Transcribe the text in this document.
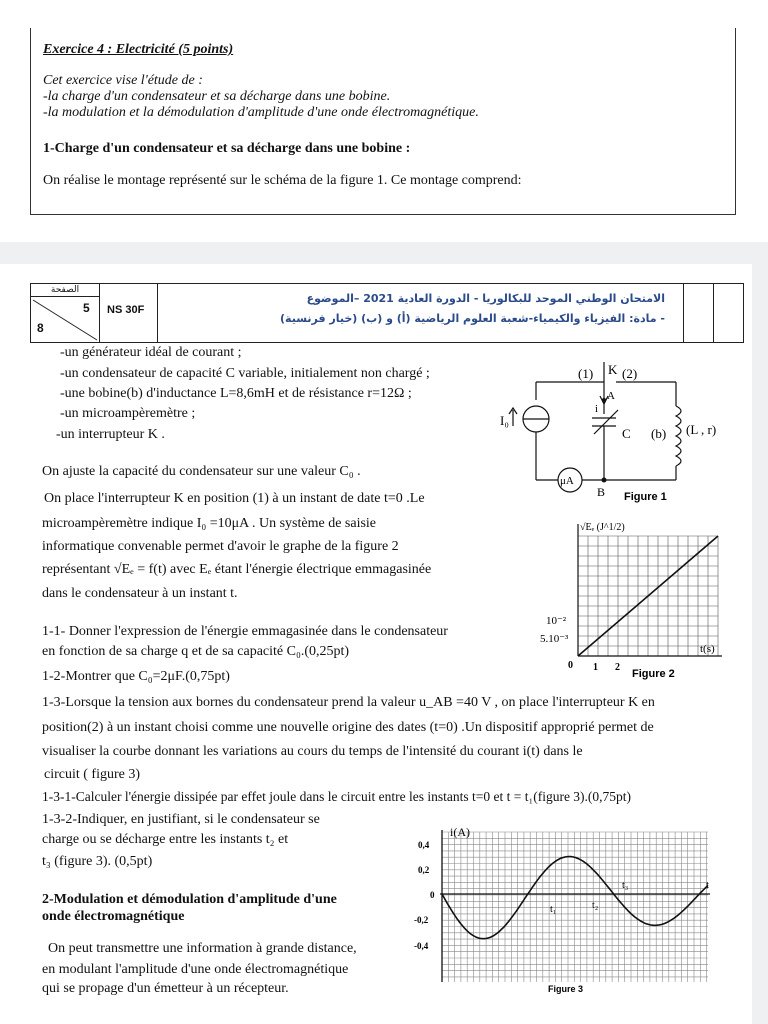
Exercice 4 : Electricité (5 points)
Cet exercice vise l'étude de :
-la charge d'un condensateur et sa décharge dans une bobine.
-la modulation et la démodulation d'amplitude d'une onde électromagnétique.
1-Charge d'un condensateur et sa décharge dans une bobine :
On réalise le montage représenté sur le schéma de la figure 1. Ce montage comprend:
الصفحة
5
8
NS 30F
الامتحان الوطني الموحد للبكالوريا - الدورة العادية 2021 –الموضوع
- مادة: الفيزياء والكيمياء-شعبة العلوم الرياضية (أ) و (ب) (خيار فرنسية)
-un générateur idéal de courant ;
-un condensateur de capacité C variable, initialement non chargé ;
-une bobine(b) d'inductance L=8,6mH et de résistance r=12Ω ;
-un microampèremètre ;
-un interrupteur K .
(1) K (2)
A
i
I₀
C (b) (L , r)
μA
B Figure 1
On ajuste la capacité du condensateur sur une valeur C₀ .
On place l'interrupteur K en position (1) à un instant de date t=0 .Le
microampèremètre indique I₀ =10μA . Un système de saisie
informatique convenable permet d'avoir le graphe de la figure 2
représentant √Eₑ = f(t) avec Eₑ étant l'énergie électrique emmagasinée
dans le condensateur à un instant t.
1-1- Donner l'expression de l'énergie emmagasinée dans le condensateur
en fonction de sa charge q et de sa capacité C₀.(0,25pt)
1-2-Montrer que C₀=2μF.(0,75pt)
√Eₑ (J^1/2)
t(s)
5.10⁻³
10⁻²
0 1 2
Figure 2
1-3-Lorsque la tension aux bornes du condensateur prend la valeur u_AB =40 V , on place l'interrupteur K en
position(2) à un instant choisi comme une nouvelle origine des dates (t=0) .Un dispositif approprié permet de
visualiser la courbe donnant les variations au cours du temps de l'intensité du courant i(t) dans le
circuit ( figure 3)
1-3-1-Calculer l'énergie dissipée par effet joule dans le circuit entre les instants t=0 et t = t₁(figure 3).(0,75pt)
1-3-2-Indiquer, en justifiant, si le condensateur se
charge ou se décharge entre les instants t₂ et
t₃ (figure 3). (0,5pt)
2-Modulation et démodulation d'amplitude d'une
onde électromagnétique
On peut transmettre une information à grande distance,
en modulant l'amplitude d'une onde électromagnétique
qui se propage d'un émetteur à un récepteur.
i(A)
t
0,4
0,2
0
-0,2
-0,4
t₁	t₂
t₃
Figure 3
